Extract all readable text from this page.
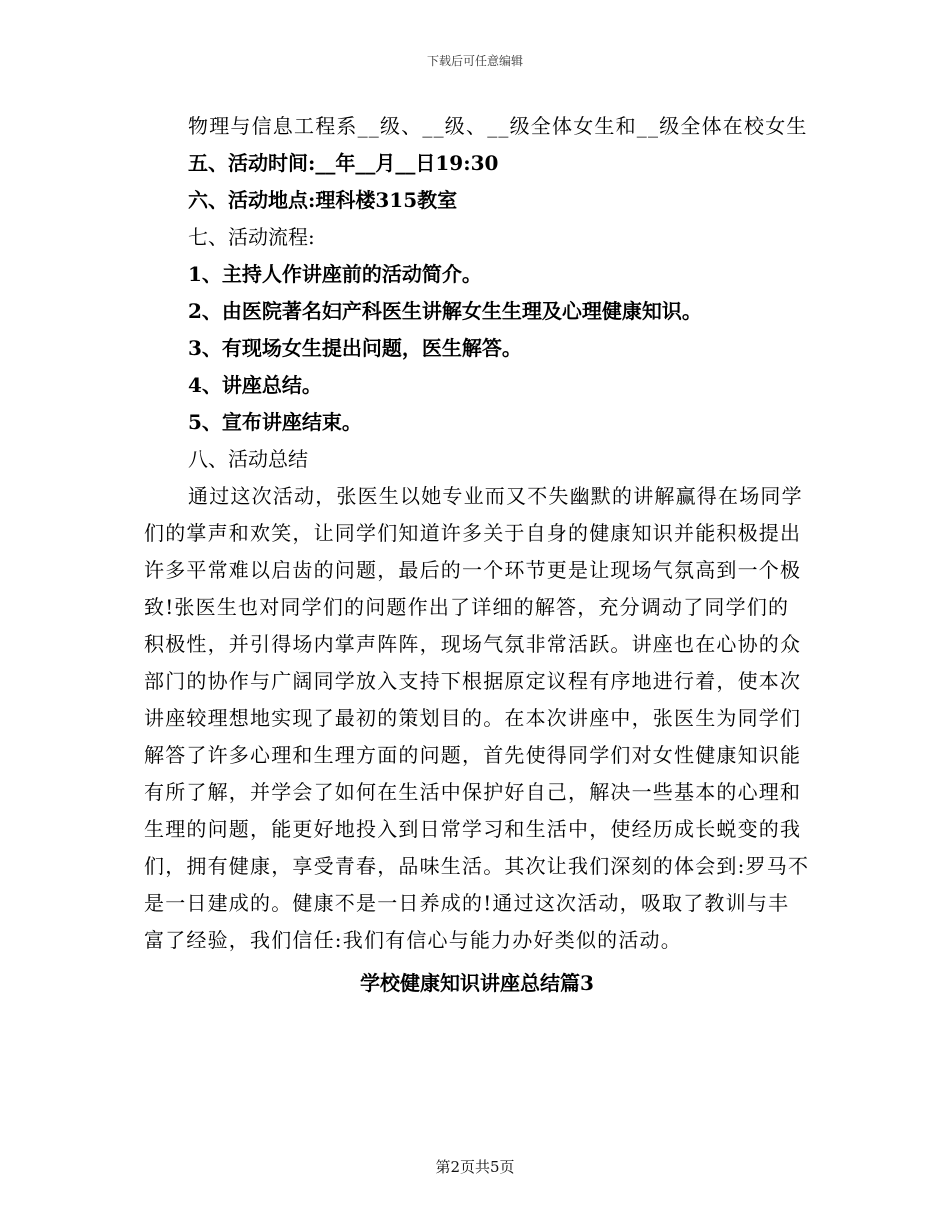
下载后可任意编辑

物理与信息工程系__级、__级、__级全体女生和__级全体在校女生

五、活动时间:__年__月__日19:30

六、活动地点:理科楼315教室

七、活动流程:

1、主持人作讲座前的活动简介。

2、由医院著名妇产科医生讲解女生生理及心理健康知识。

3、有现场女生提出问题，医生解答。

4、讲座总结。

5、宣布讲座结束。

八、活动总结

通过这次活动，张医生以她专业而又不失幽默的讲解赢得在场同学们的掌声和欢笑，让同学们知道许多关于自身的健康知识并能积极提出许多平常难以启齿的问题，最后的一个环节更是让现场气氛高到一个极致!张医生也对同学们的问题作出了详细的解答，充分调动了同学们的积极性，并引得场内掌声阵阵，现场气氛非常活跃。讲座也在心协的众部门的协作与广阔同学放入支持下根据原定议程有序地进行着，使本次讲座较理想地实现了最初的策划目的。在本次讲座中，张医生为同学们解答了许多心理和生理方面的问题，首先使得同学们对女性健康知识能有所了解，并学会了如何在生活中保护好自己，解决一些基本的心理和生理的问题，能更好地投入到日常学习和生活中，使经历成长蜕变的我们，拥有健康，享受青春，品味生活。其次让我们深刻的体会到:罗马不是一日建成的。健康不是一日养成的!通过这次活动，吸取了教训与丰富了经验，我们信任:我们有信心与能力办好类似的活动。

学校健康知识讲座总结篇3

第2页共5页
